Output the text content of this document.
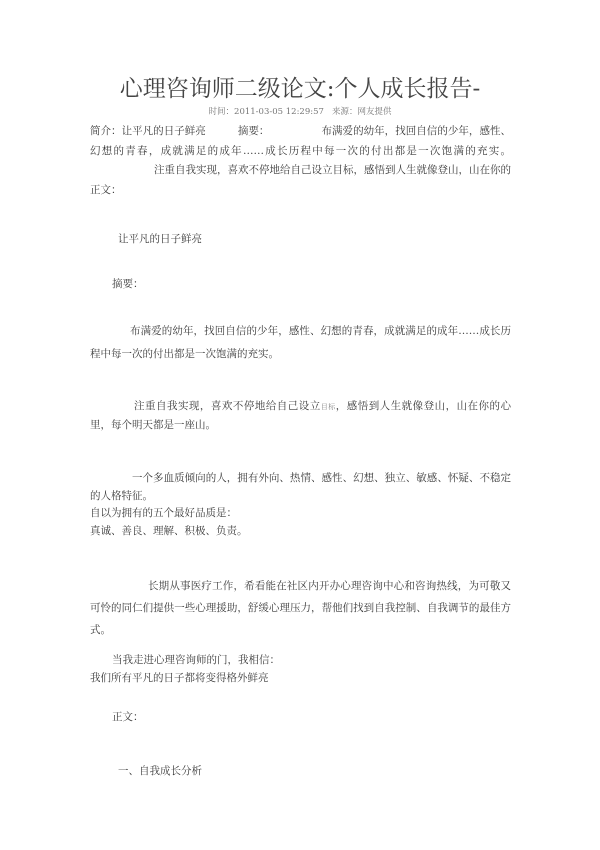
心理咨询师二级论文:个人成长报告-
时间：2011-03-05 12:29:57 来源：网友提供
简介：让平凡的日子鲜亮	摘要：	布满爱的幼年，找回自信的少年，感性、幻想的青春，成就满足的成年……成长历程中每一次的付出都是一次饱满的充实。注重自我实现，喜欢不停地给自己设立目标，感悟到人生就像登山，山在你的
正文：
让平凡的日子鲜亮
摘要：
布满爱的幼年，找回自信的少年，感性、幻想的青春，成就满足的成年……成长历程中每一次的付出都是一次饱满的充实。
注重自我实现，喜欢不停地给自己设立目标，感悟到人生就像登山，山在你的心里，每个明天都是一座山。
一个多血质倾向的人，拥有外向、热情、感性、幻想、独立、敏感、怀疑、不稳定的人格特征。
自以为拥有的五个最好品质是：
真诚、善良、理解、积极、负责。
长期从事医疗工作，希看能在社区内开办心理咨询中心和咨询热线，为可敬又可怜的同仁们提供一些心理援助，舒缓心理压力，帮他们找到自我控制、自我调节的最佳方式。
当我走进心理咨询师的门，我相信：
我们所有平凡的日子都将变得格外鲜亮
正文：
一、自我成长分析
